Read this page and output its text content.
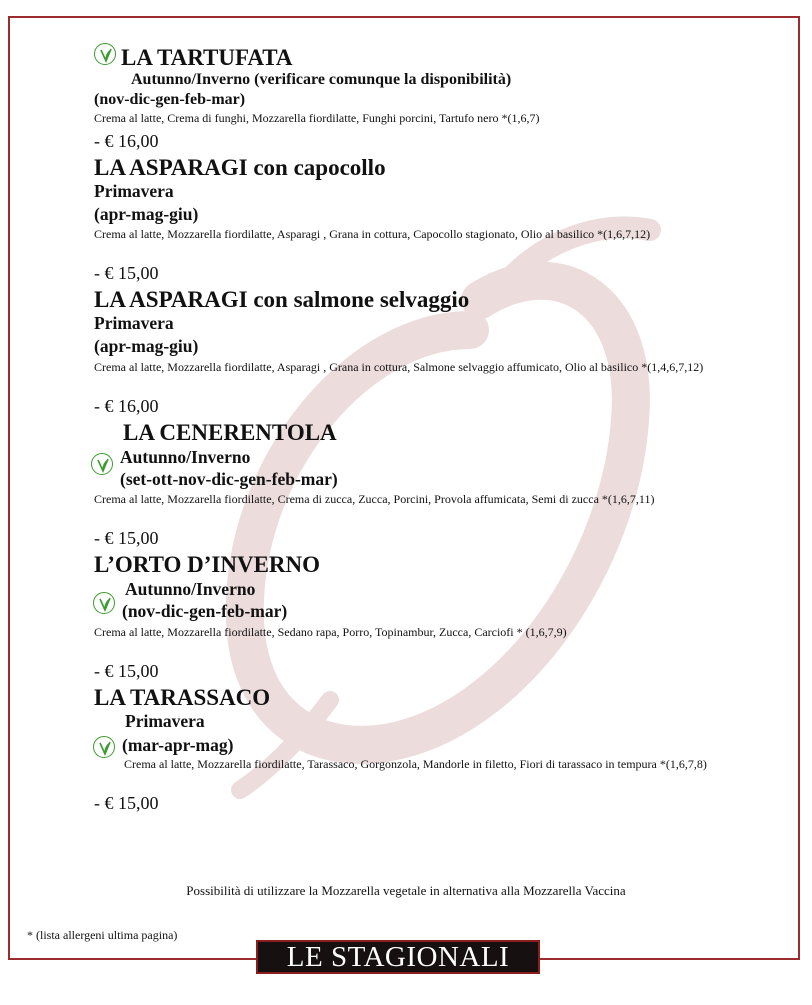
LA TARTUFATA
Autunno/Inverno (verificare comunque la disponibilità)
(nov-dic-gen-feb-mar)
Crema al latte, Crema di funghi, Mozzarella fiordilatte, Funghi porcini, Tartufo nero *(1,6,7)
- € 16,00
LA ASPARAGI con capocollo
Primavera
(apr-mag-giu)
Crema al latte, Mozzarella fiordilatte, Asparagi , Grana in cottura, Capocollo stagionato, Olio al basilico *(1,6,7,12)
- € 15,00
LA ASPARAGI con salmone selvaggio
Primavera
(apr-mag-giu)
Crema al latte, Mozzarella fiordilatte, Asparagi , Grana in cottura, Salmone selvaggio affumicato, Olio al basilico *(1,4,6,7,12)
- € 16,00
LA CENERENTOLA
Autunno/Inverno
(set-ott-nov-dic-gen-feb-mar)
Crema al latte, Mozzarella fiordilatte, Crema di zucca, Zucca, Porcini, Provola affumicata, Semi di zucca *(1,6,7,11)
- € 15,00
L’ORTO D’INVERNO
Autunno/Inverno
(nov-dic-gen-feb-mar)
Crema al latte, Mozzarella fiordilatte, Sedano rapa, Porro, Topinambur, Zucca, Carciofi * (1,6,7,9)
- € 15,00
LA TARASSACO
Primavera
(mar-apr-mag)
Crema al latte, Mozzarella fiordilatte, Tarassaco, Gorgonzola, Mandorle in filetto, Fiori di tarassaco in tempura *(1,6,7,8)
- € 15,00
Possibilità di utilizzare la Mozzarella vegetale in alternativa alla Mozzarella Vaccina
* (lista allergeni ultima pagina)
LE STAGIONALI
